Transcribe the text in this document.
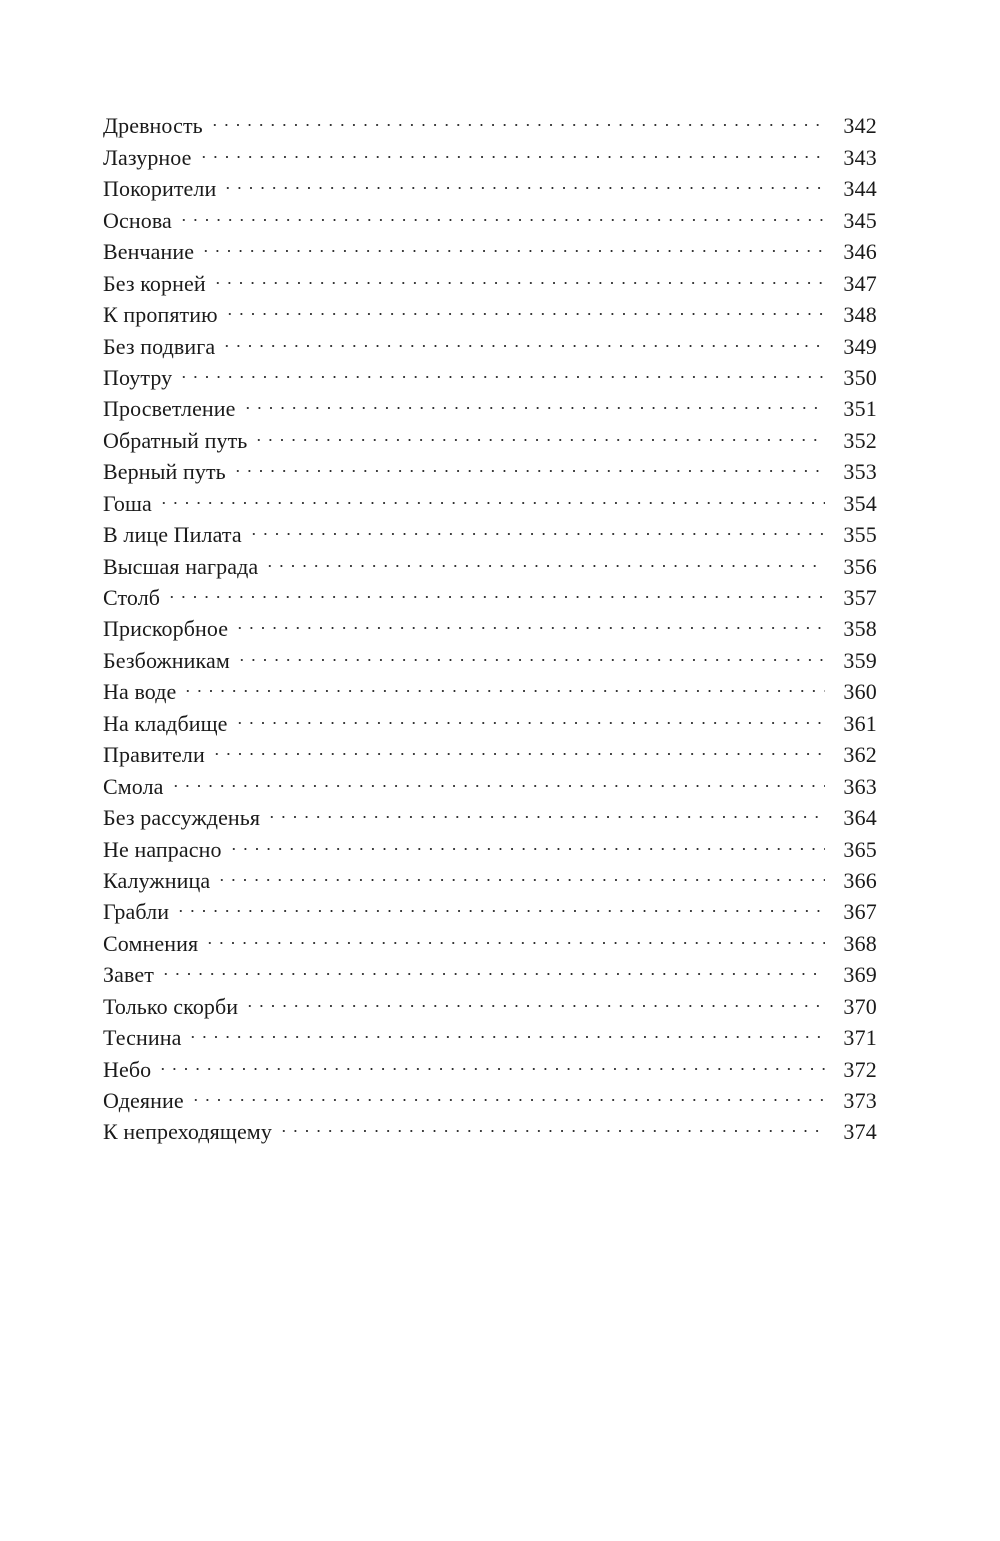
Древность	342
Лазурное	343
Покорители	344
Основа	345
Венчание	346
Без корней	347
К пропятию	348
Без подвига	349
Поутру	350
Просветление	351
Обратный путь	352
Верный путь	353
Гоша	354
В лице Пилата	355
Высшая награда	356
Столб	357
Прискорбное	358
Безбожникам	359
На воде	360
На кладбище	361
Правители	362
Смола	363
Без рассужденья	364
Не напрасно	365
Калужница	366
Грабли	367
Сомнения	368
Завет	369
Только скорби	370
Теснина	371
Небо	372
Одеяние	373
К непреходящему	374
